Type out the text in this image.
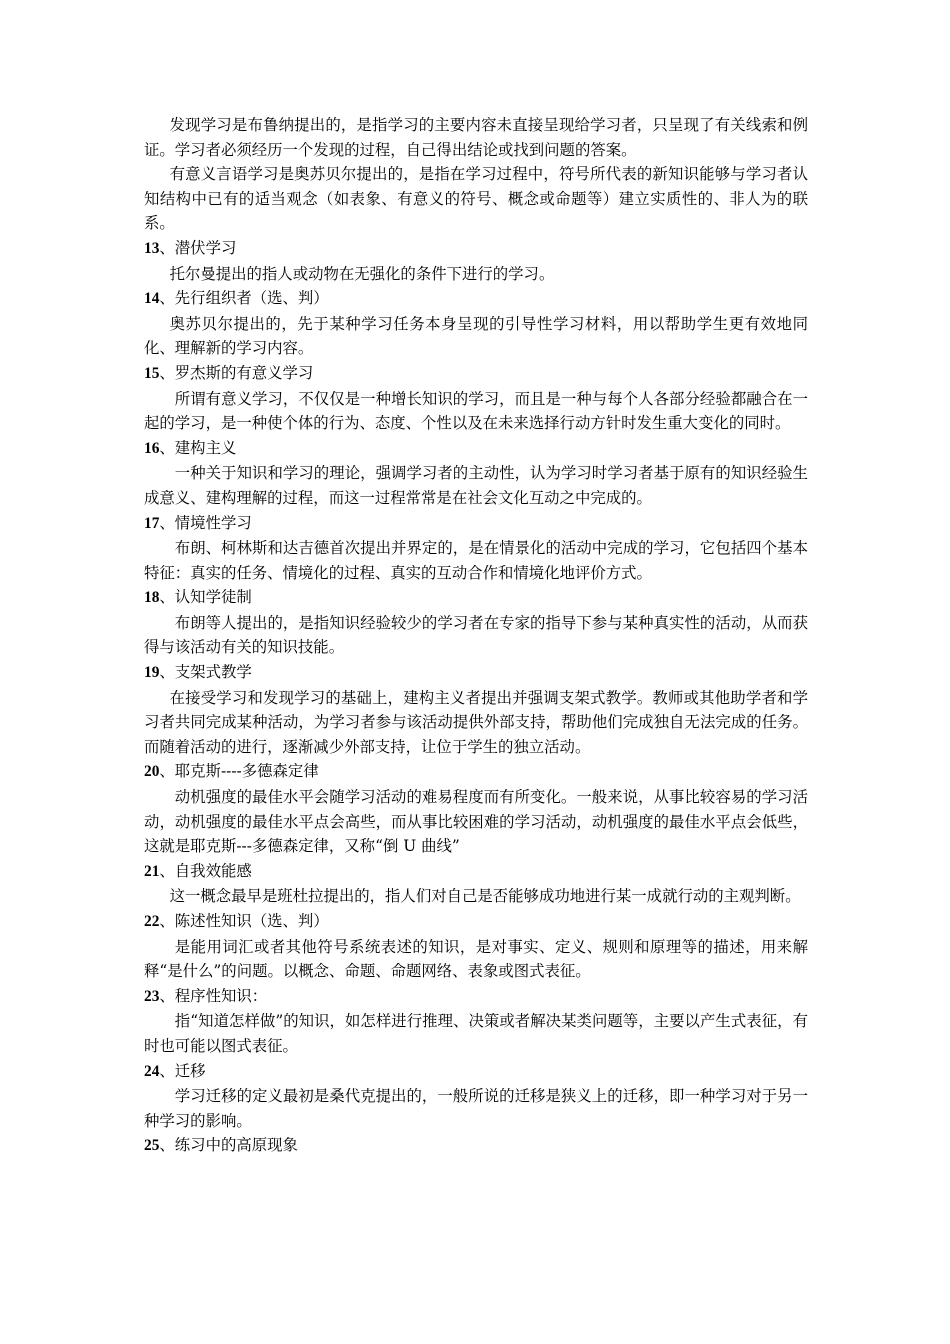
发现学习是布鲁纳提出的，是指学习的主要内容未直接呈现给学习者，只呈现了有关线索和例证。学习者必须经历一个发现的过程，自己得出结论或找到问题的答案。

有意义言语学习是奥苏贝尔提出的，是指在学习过程中，符号所代表的新知识能够与学习者认知结构中已有的适当观念（如表象、有意义的符号、概念或命题等）建立实质性的、非人为的联系。

13、潜伏学习

托尔曼提出的指人或动物在无强化的条件下进行的学习。

14、先行组织者（选、判）

奥苏贝尔提出的，先于某种学习任务本身呈现的引导性学习材料，用以帮助学生更有效地同化、理解新的学习内容。

15、罗杰斯的有意义学习

所谓有意义学习，不仅仅是一种增长知识的学习，而且是一种与每个人各部分经验都融合在一起的学习，是一种使个体的行为、态度、个性以及在未来选择行动方针时发生重大变化的同时。

16、建构主义

一种关于知识和学习的理论，强调学习者的主动性，认为学习时学习者基于原有的知识经验生成意义、建构理解的过程，而这一过程常常是在社会文化互动之中完成的。

17、情境性学习

布朗、柯林斯和达吉德首次提出并界定的，是在情景化的活动中完成的学习，它包括四个基本特征：真实的任务、情境化的过程、真实的互动合作和情境化地评价方式。

18、认知学徒制

布朗等人提出的，是指知识经验较少的学习者在专家的指导下参与某种真实性的活动，从而获得与该活动有关的知识技能。

19、支架式教学

在接受学习和发现学习的基础上，建构主义者提出并强调支架式教学。教师或其他助学者和学习者共同完成某种活动，为学习者参与该活动提供外部支持，帮助他们完成独自无法完成的任务。而随着活动的进行，逐渐减少外部支持，让位于学生的独立活动。

20、耶克斯----多德森定律

动机强度的最佳水平会随学习活动的难易程度而有所变化。一般来说，从事比较容易的学习活动，动机强度的最佳水平点会高些，而从事比较困难的学习活动，动机强度的最佳水平点会低些，这就是耶克斯---多德森定律，又称“倒 U 曲线”

21、自我效能感

这一概念最早是班杜拉提出的，指人们对自己是否能够成功地进行某一成就行动的主观判断。

22、陈述性知识（选、判）

是能用词汇或者其他符号系统表述的知识，是对事实、定义、规则和原理等的描述，用来解释“是什么”的问题。以概念、命题、命题网络、表象或图式表征。

23、程序性知识：

指“知道怎样做”的知识，如怎样进行推理、决策或者解决某类问题等，主要以产生式表征，有时也可能以图式表征。

24、迁移

学习迁移的定义最初是桑代克提出的，一般所说的迁移是狭义上的迁移，即一种学习对于另一种学习的影响。

25、练习中的高原现象
